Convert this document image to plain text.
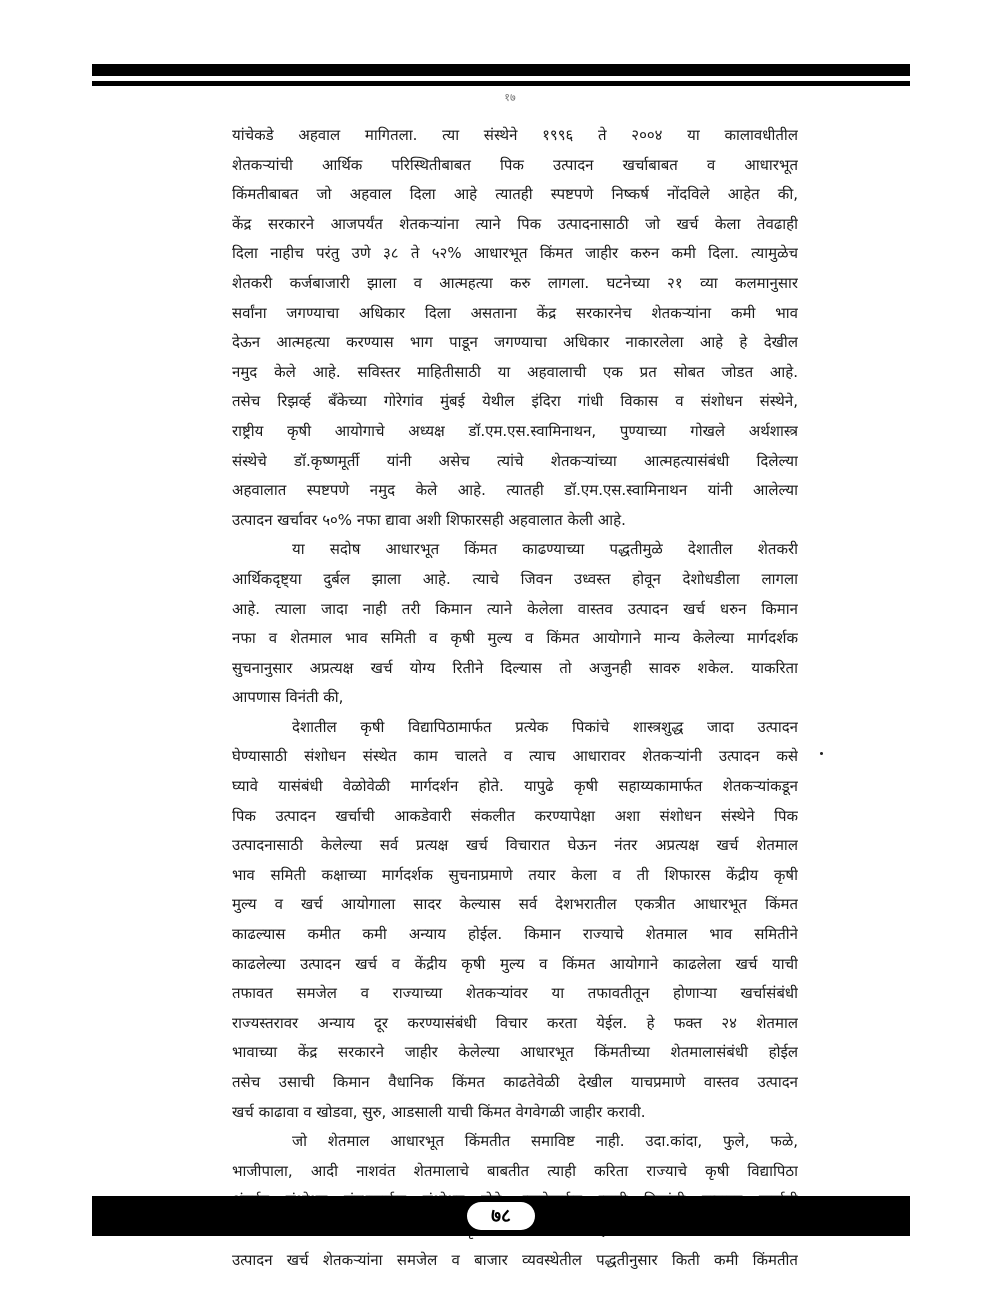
१७
यांचेकडे अहवाल मागितला. त्या संस्थेने १९९६ ते २००४ या कालावधीतील
शेतकऱ्यांची आर्थिक परिस्थितीबाबत पिक उत्पादन खर्चाबाबत व आधारभूत
किंमतीबाबत जो अहवाल दिला आहे त्यातही स्पष्टपणे निष्कर्ष नोंदविले आहेत की,
केंद्र सरकारने आजपर्यंत शेतकऱ्यांना त्याने पिक उत्पादनासाठी जो खर्च केला तेवढाही
दिला नाहीच परंतु उणे ३८ ते ५२% आधारभूत किंमत जाहीर करुन कमी दिला. त्यामुळेच
शेतकरी कर्जबाजारी झाला व आत्महत्या करु लागला. घटनेच्या २१ व्या कलमानुसार
सर्वांना जगण्याचा अधिकार दिला असताना केंद्र सरकारनेच शेतकऱ्यांना कमी भाव
देऊन आत्महत्या करण्यास भाग पाडून जगण्याचा अधिकार नाकारलेला आहे हे देखील
नमुद केले आहे. सविस्तर माहितीसाठी या अहवालाची एक प्रत सोबत जोडत आहे.
तसेच रिझर्व्ह बँकेच्या गोरेगांव मुंबई येथील इंदिरा गांधी विकास व संशोधन संस्थेने,
राष्ट्रीय कृषी आयोगाचे अध्यक्ष डॉ.एम.एस.स्वामिनाथन, पुण्याच्या गोखले अर्थशास्त्र
संस्थेचे डॉ.कृष्णमूर्ती यांनी असेच त्यांचे शेतकऱ्यांच्या आत्महत्यासंबंधी दिलेल्या
अहवालात स्पष्टपणे नमुद केले आहे. त्यातही डॉ.एम.एस.स्वामिनाथन यांनी आलेल्या
उत्पादन खर्चावर ५०% नफा द्यावा अशी शिफारसही अहवालात केली आहे.
या सदोष आधारभूत किंमत काढण्याच्या पद्धतीमुळे देशातील शेतकरी
आर्थिकदृष्ट्या दुर्बल झाला आहे. त्याचे जिवन उध्वस्त होवून देशोधडीला लागला
आहे. त्याला जादा नाही तरी किमान त्याने केलेला वास्तव उत्पादन खर्च धरुन किमान
नफा व शेतमाल भाव समिती व कृषी मुल्य व किंमत आयोगाने मान्य केलेल्या मार्गदर्शक
सुचनानुसार अप्रत्यक्ष खर्च योग्य रितीने दिल्यास तो अजुनही सावरु शकेल. याकरिता
आपणास विनंती की,
देशातील कृषी विद्यापिठामार्फत प्रत्येक पिकांचे शास्त्रशुद्ध जादा उत्पादन
घेण्यासाठी संशोधन संस्थेत काम चालते व त्याच आधारावर शेतकऱ्यांनी उत्पादन कसे
घ्यावे यासंबंधी वेळोवेळी मार्गदर्शन होते. यापुढे कृषी सहाय्यकामार्फत शेतकऱ्यांकडून
पिक उत्पादन खर्चाची आकडेवारी संकलीत करण्यापेक्षा अशा संशोधन संस्थेने पिक
उत्पादनासाठी केलेल्या सर्व प्रत्यक्ष खर्च विचारात घेऊन नंतर अप्रत्यक्ष खर्च शेतमाल
भाव समिती कक्षाच्या मार्गदर्शक सुचनाप्रमाणे तयार केला व ती शिफारस केंद्रीय कृषी
मुल्य व खर्च आयोगाला सादर केल्यास सर्व देशभरातील एकत्रीत आधारभूत किंमत
काढल्यास कमीत कमी अन्याय होईल. किमान राज्याचे शेतमाल भाव समितीने
काढलेल्या उत्पादन खर्च व केंद्रीय कृषी मुल्य व किंमत आयोगाने काढलेला खर्च याची
तफावत समजेल व राज्याच्या शेतकऱ्यांवर या तफावतीतून होणाऱ्या खर्चासंबंधी
राज्यस्तरावर अन्याय दूर करण्यासंबंधी विचार करता येईल. हे फक्त २४ शेतमाल
भावाच्या केंद्र सरकारने जाहीर केलेल्या आधारभूत किंमतीच्या शेतमालासंबंधी होईल
तसेच उसाची किमान वैधानिक किंमत काढतेवेळी देखील याचप्रमाणे वास्तव उत्पादन
खर्च काढावा व खोडवा, सुरु, आडसाली याची किंमत वेगवेगळी जाहीर करावी.
जो शेतमाल आधारभूत किंमतीत समाविष्ट नाही. उदा.कांदा, फुले, फळे,
भाजीपाला, आदी नाशवंत शेतमालाचे बाबतीत त्याही करिता राज्याचे कृषी विद्यापिठा
उत्पादन खर्च शेतकऱ्यांना समजेल व बाजार व्यवस्थेतील पद्धतीनुसार किती कमी किंमतीत
७८
